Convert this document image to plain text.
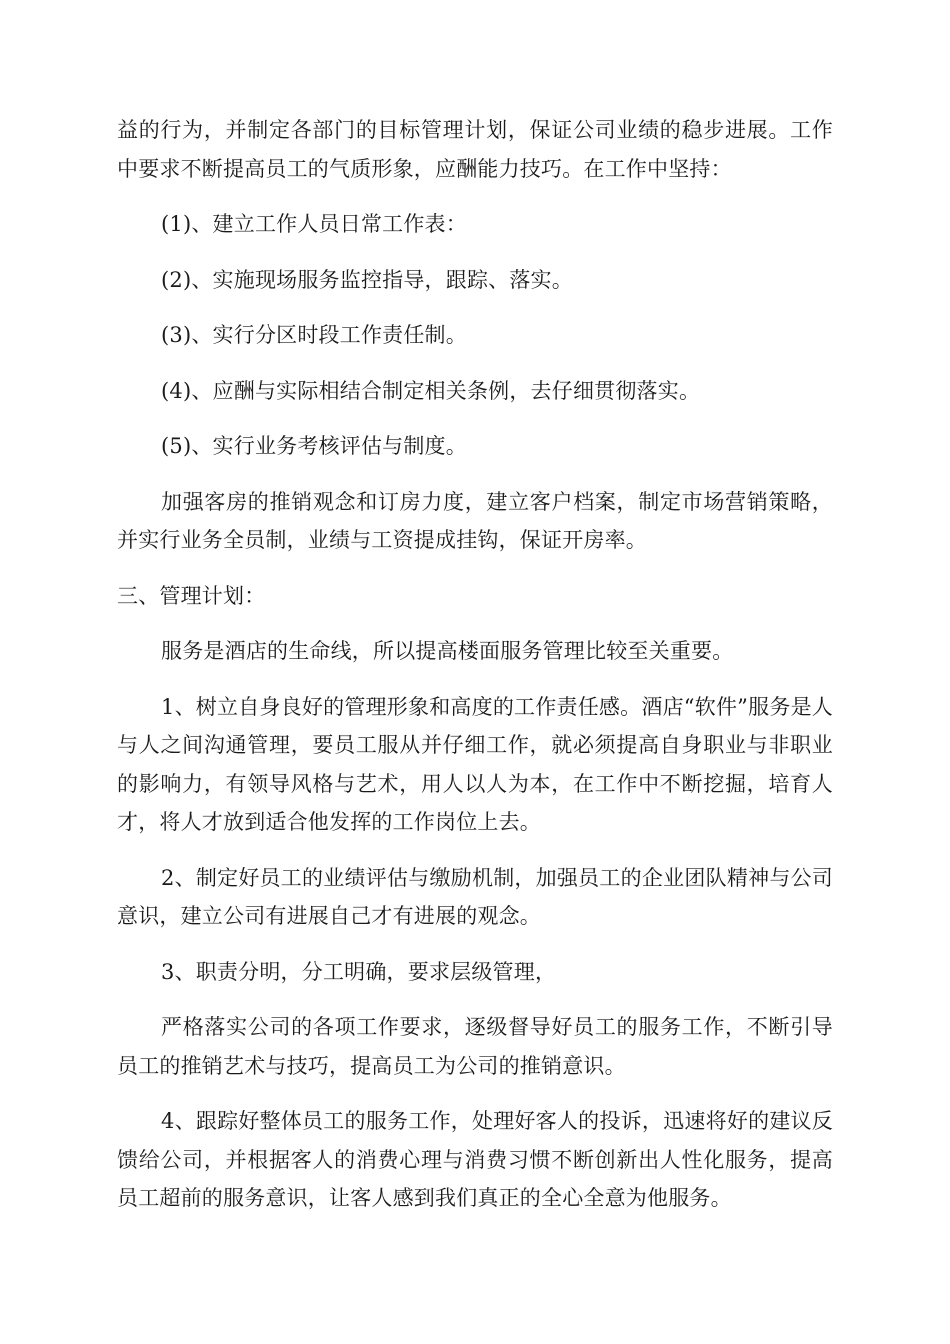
益的行为，并制定各部门的目标管理计划，保证公司业绩的稳步进展。工作中要求不断提高员工的气质形象，应酬能力技巧。在工作中坚持：

(1)、建立工作人员日常工作表：

(2)、实施现场服务监控指导，跟踪、落实。

(3)、实行分区时段工作责任制。

(4)、应酬与实际相结合制定相关条例，去仔细贯彻落实。

(5)、实行业务考核评估与制度。

加强客房的推销观念和订房力度，建立客户档案，制定市场营销策略，并实行业务全员制，业绩与工资提成挂钩，保证开房率。

三、管理计划：

服务是酒店的生命线，所以提高楼面服务管理比较至关重要。

1、树立自身良好的管理形象和高度的工作责任感。酒店“软件”服务是人与人之间沟通管理，要员工服从并仔细工作，就必须提高自身职业与非职业的影响力，有领导风格与艺术，用人以人为本，在工作中不断挖掘，培育人才，将人才放到适合他发挥的工作岗位上去。

2、制定好员工的业绩评估与缴励机制，加强员工的企业团队精神与公司意识，建立公司有进展自己才有进展的观念。

3、职责分明，分工明确，要求层级管理，

严格落实公司的各项工作要求，逐级督导好员工的服务工作，不断引导员工的推销艺术与技巧，提高员工为公司的推销意识。

4、跟踪好整体员工的服务工作，处理好客人的投诉，迅速将好的建议反馈给公司，并根据客人的消费心理与消费习惯不断创新出人性化服务，提高员工超前的服务意识，让客人感到我们真正的全心全意为他服务。
